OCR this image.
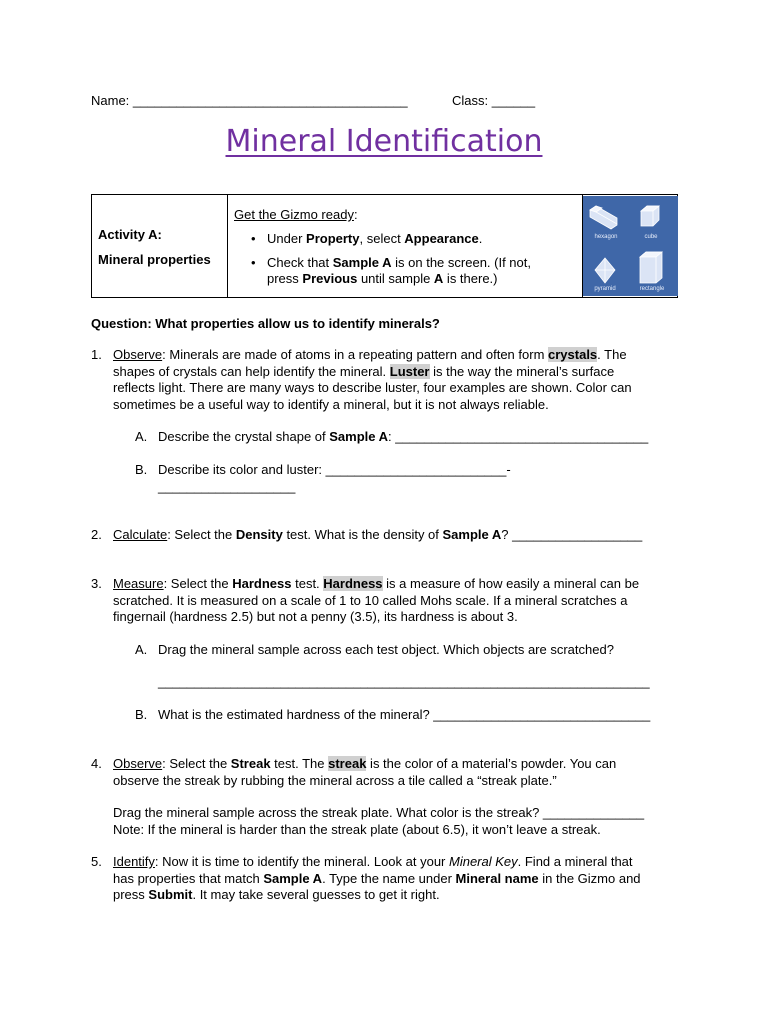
Name: ______________________________________	Class: ______
Mineral Identification
Activity A:
Mineral properties
Get the Gizmo ready:
• Under Property, select Appearance.
• Check that Sample A is on the screen. (If not,
press Previous until sample A is there.)
hexagon	cube
pyramid	rectangle
Question: What properties allow us to identify minerals?
1. Observe: Minerals are made of atoms in a repeating pattern and often form crystals. The
shapes of crystals can help identify the mineral. Luster is the way the mineral’s surface
reflects light. There are many ways to describe luster, four examples are shown. Color can
sometimes be a useful way to identify a mineral, but it is not always reliable.
A. Describe the crystal shape of Sample A: ___________________________________
B. Describe its color and luster: _________________________-
___________________
2. Calculate: Select the Density test. What is the density of Sample A? __________________
3. Measure: Select the Hardness test. Hardness is a measure of how easily a mineral can be
scratched. It is measured on a scale of 1 to 10 called Mohs scale. If a mineral scratches a
fingernail (hardness 2.5) but not a penny (3.5), its hardness is about 3.
A. Drag the mineral sample across each test object. Which objects are scratched?
____________________________________________________________________
B. What is the estimated hardness of the mineral? ______________________________
4. Observe: Select the Streak test. The streak is the color of a material’s powder. You can
observe the streak by rubbing the mineral across a tile called a “streak plate.”
Drag the mineral sample across the streak plate. What color is the streak? ______________
Note: If the mineral is harder than the streak plate (about 6.5), it won’t leave a streak.
5. Identify: Now it is time to identify the mineral. Look at your Mineral Key. Find a mineral that
has properties that match Sample A. Type the name under Mineral name in the Gizmo and
press Submit. It may take several guesses to get it right.
